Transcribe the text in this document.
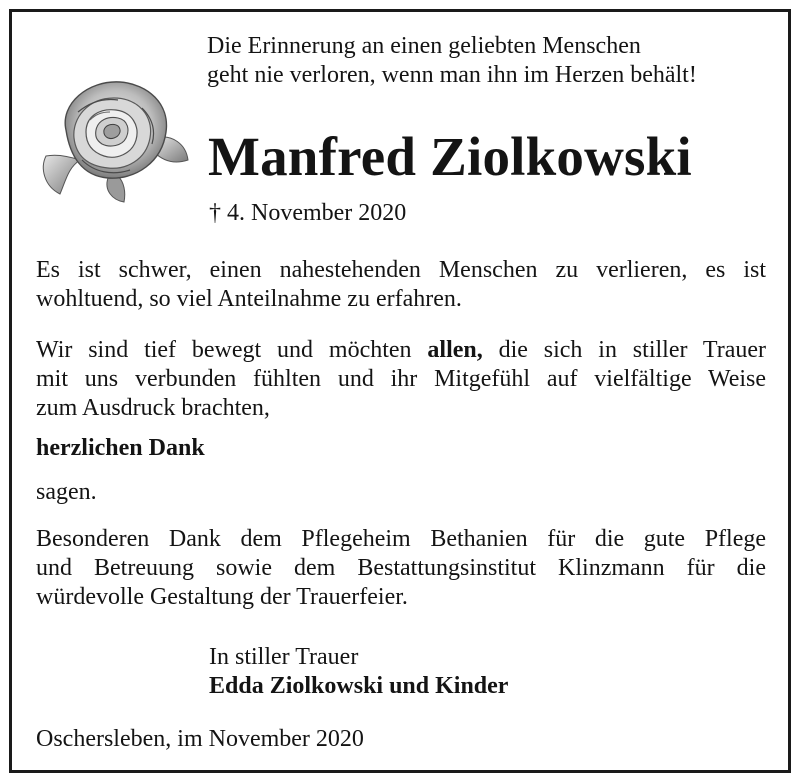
Die Erinnerung an einen geliebten Menschen
geht nie verloren, wenn man ihn im Herzen behält!
Manfred Ziolkowski
† 4. November 2020
Es ist schwer, einen nahestehenden Menschen zu verlieren, es ist
wohltuend, so viel Anteilnahme zu erfahren.
Wir sind tief bewegt und möchten allen, die sich in stiller Trauer
mit uns verbunden fühlten und ihr Mitgefühl auf vielfältige Weise
zum Ausdruck brachten,
herzlichen Dank
sagen.
Besonderen Dank dem Pflegeheim Bethanien für die gute Pflege
und Betreuung sowie dem Bestattungsinstitut Klinzmann für die
würdevolle Gestaltung der Trauerfeier.
In stiller Trauer
Edda Ziolkowski und Kinder
Oschersleben, im November 2020
